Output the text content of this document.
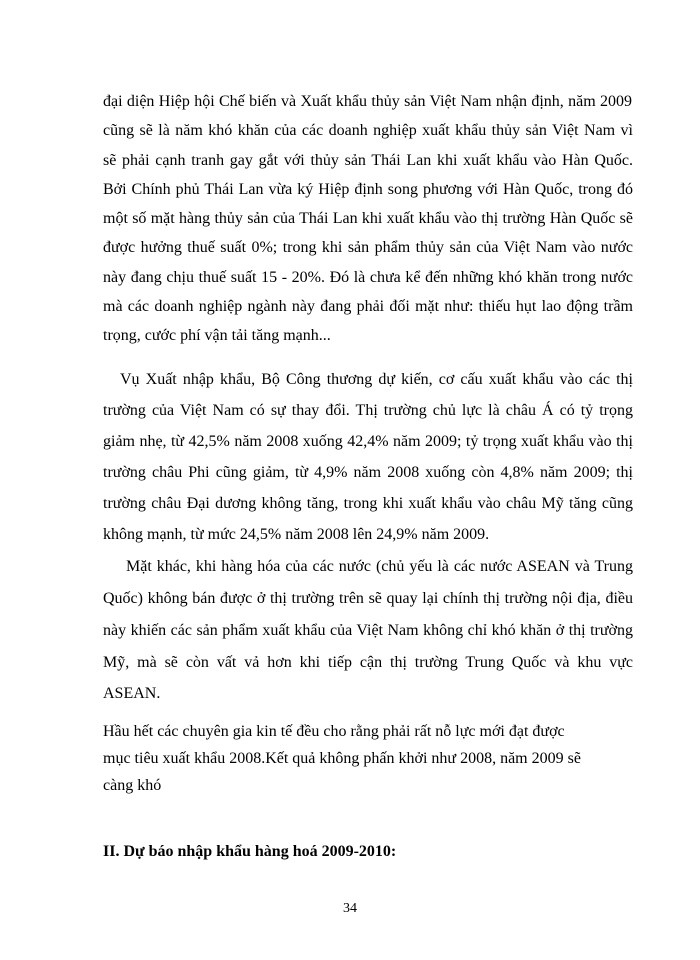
đại diện Hiệp hội Chế biến và Xuất khẩu thủy sản Việt Nam nhận định, năm 2009

cũng sẽ là năm khó khăn của các doanh nghiệp xuất khẩu thủy sản Việt Nam vì

sẽ phải cạnh tranh gay gắt với thủy sản Thái Lan khi xuất khẩu vào Hàn Quốc.

Bởi Chính phủ Thái Lan vừa ký Hiệp định song phương với Hàn Quốc, trong đó

một số mặt hàng thủy sản của Thái Lan khi xuất khẩu vào thị trường Hàn Quốc sẽ

được hưởng thuế suất 0%; trong khi sản phẩm thủy sản của Việt Nam vào nước

này đang chịu thuế suất 15 - 20%. Đó là chưa kể đến những khó khăn trong nước

mà các doanh nghiệp ngành này đang phải đối mặt như: thiếu hụt lao động trầm

trọng, cước phí vận tải tăng mạnh...

Vụ Xuất nhập khẩu, Bộ Công thương dự kiến, cơ cấu xuất khẩu vào các thị

trường của Việt Nam có sự thay đổi. Thị trường chủ lực là châu Á có tỷ trọng

giảm nhẹ, từ 42,5% năm 2008 xuống 42,4% năm 2009; tỷ trọng xuất khẩu vào thị

trường châu Phi cũng giảm, từ 4,9% năm 2008 xuống còn 4,8% năm 2009; thị

trường châu Đại dương không tăng, trong khi xuất khẩu vào châu Mỹ tăng cũng

không mạnh, từ mức 24,5% năm 2008 lên 24,9% năm 2009.

Mặt khác, khi hàng hóa của các nước (chủ yếu là các nước ASEAN và Trung

Quốc) không bán được ở thị trường trên sẽ quay lại chính thị trường nội địa, điều

này khiến các sản phẩm xuất khẩu của Việt Nam không chỉ khó khăn ở thị trường

Mỹ, mà sẽ còn vất vả hơn khi tiếp cận thị trường Trung Quốc và khu vực

ASEAN.

Hầu hết các chuyên gia kin tế đều cho rằng phải rất nỗ lực mới đạt được

mục tiêu xuất khẩu 2008.Kết quả không phấn khởi như 2008, năm 2009 sẽ

càng khó

II. Dự báo nhập khẩu hàng hoá 2009-2010:

34
